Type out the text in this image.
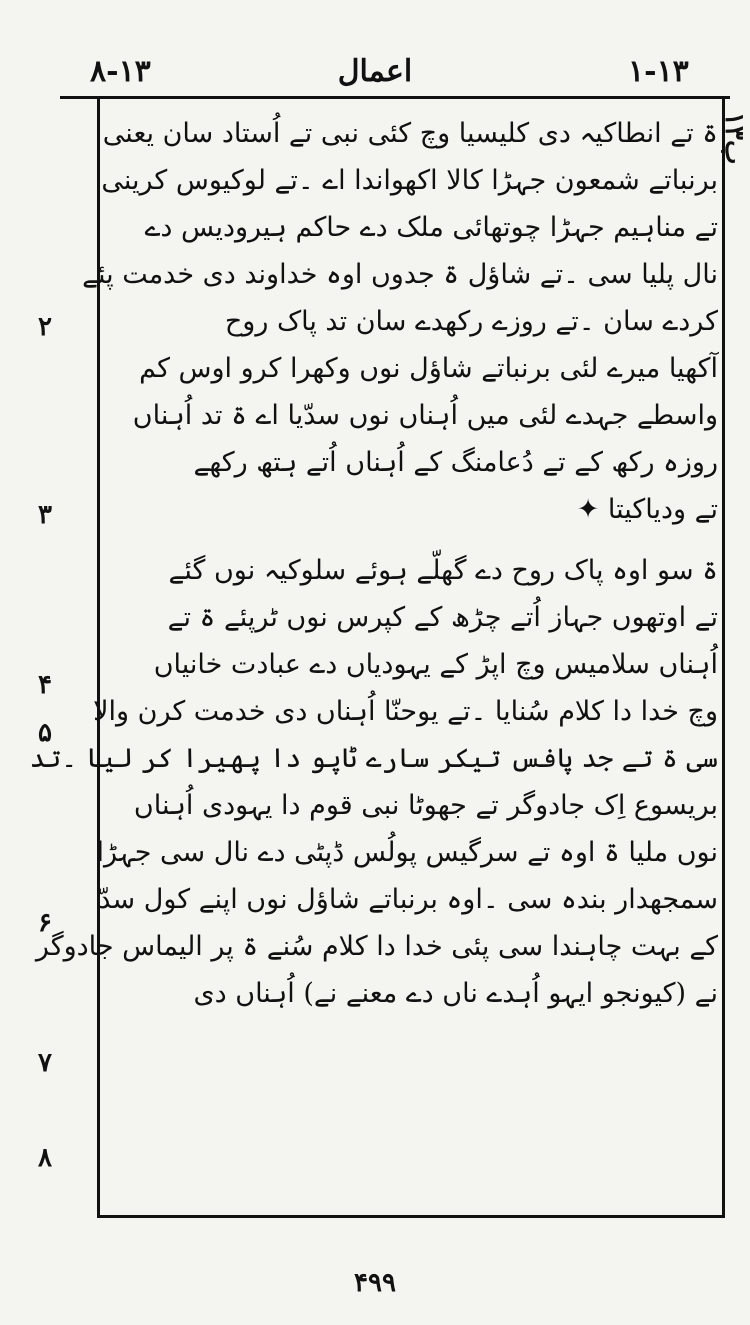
۸-۱۳	اعمال	۱-۱۳
۱۳ب
ۃ تے انطاکیہ دی کلیسیا وچ کئی نبی تے اُستاد سان یعنی
برنباتے شمعون جہڑا کالا اکھواندا اے ۔تے لوکیوس کرینی
تے مناہیم جہڑا چوتھائی ملک دے حاکم ہیرودیس دے
نال پلیا سی ۔تے شاؤل ۃ جدوں اوہ خداوند دی خدمت پئے
کردے سان ۔تے روزے رکھدے سان تد پاک روح
آکھیا میرے لئی برنباتے شاؤل نوں وکھرا کرو اوس کم
واسطے جہدے لئی میں اُہناں نوں سدّیا اے ۃ تد اُہناں
روزہ رکھ کے تے دُعامنگ کے اُہناں اُتے ہتھ رکھے
تے ودیاکیتا ✦
ۃ سو اوہ پاک روح دے گھلّے ہوئے سلوکیہ نوں گئے
تے اوتھوں جہاز اُتے چڑھ کے کپرس نوں ٹرپئے ۃ تے
اُہناں سلامیس وچ اپڑ کے یہودیاں دے عبادت خانیاں
وچ خدا دا کلام سُنایا ۔تے یوحنّا اُہناں دی خدمت کرن والا
سی ۃ تے جد پافس تیکر سارے ٹاپو دا پھیرا کر لیا ۔تد
بریسوع اِک جادوگر تے جھوٹا نبی قوم دا یہودی اُہناں
نوں ملیا ۃ اوہ تے سرگیس پولُس ڈپٹی دے نال سی جہڑا
سمجھدار بندہ سی ۔اوہ برنباتے شاؤل نوں اپنے کول سدّ
کے بہت چاہندا سی پئی خدا دا کلام سُنے ۃ پر الیماس جادوگر
نے (کیونجو ایہو اُہدے ناں دے معنے نے) اُہناں دی
۲
۳
۴
۵
۶
۷
۸
۴۹۹
